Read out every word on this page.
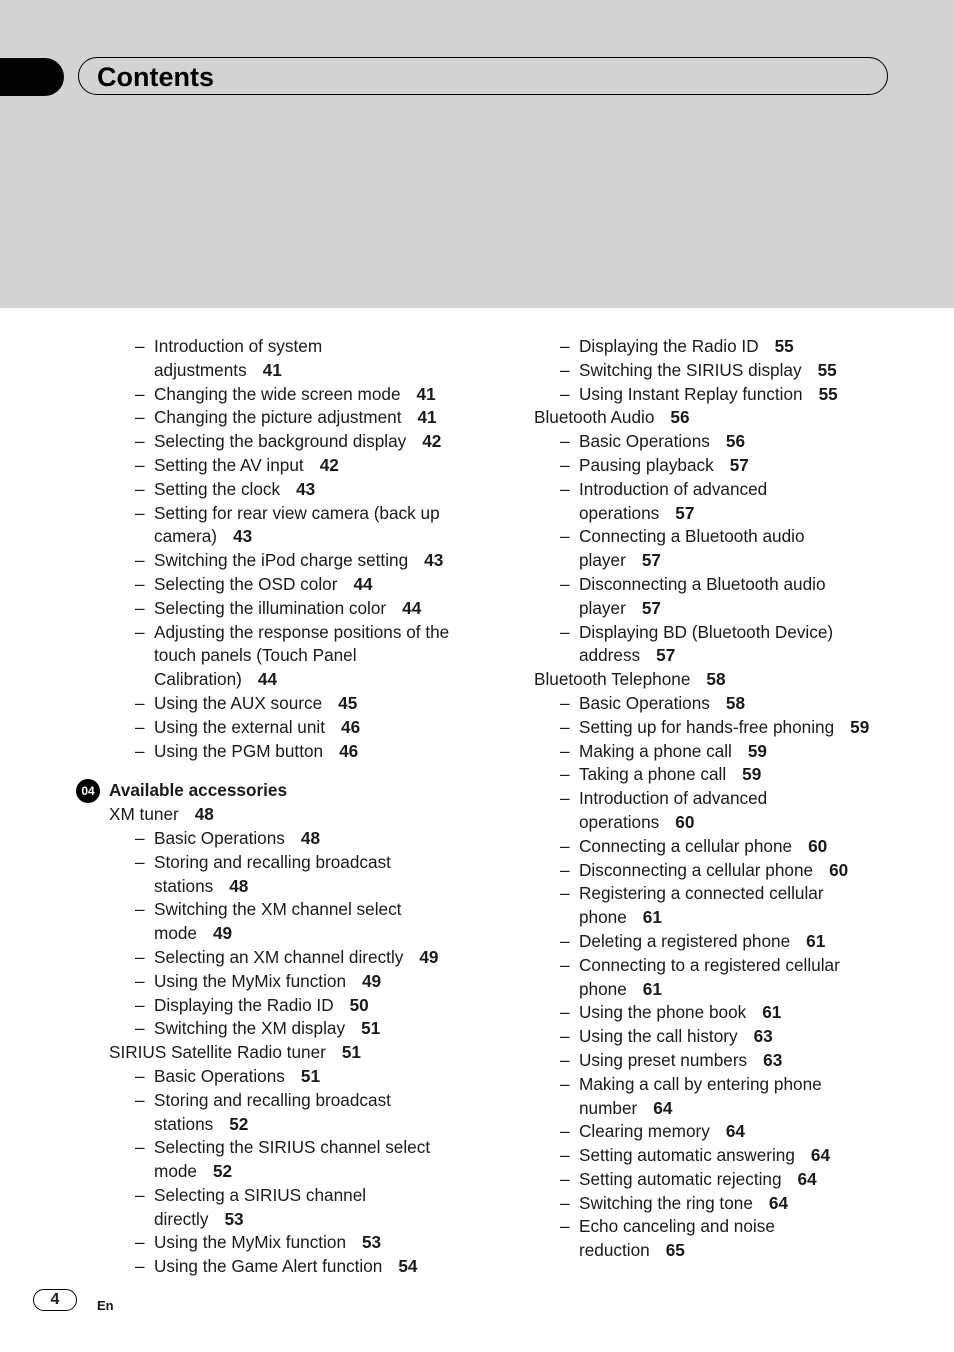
Contents
– Introduction of system
adjustments 41
– Changing the wide screen mode 41
– Changing the picture adjustment 41
– Selecting the background display 42
– Setting the AV input 42
– Setting the clock 43
– Setting for rear view camera (back up
camera) 43
– Switching the iPod charge setting 43
– Selecting the OSD color 44
– Selecting the illumination color 44
– Adjusting the response positions of the
touch panels (Touch Panel
Calibration) 44
– Using the AUX source 45
– Using the external unit 46
– Using the PGM button 46
04 Available accessories
XM tuner 48
– Basic Operations 48
– Storing and recalling broadcast
stations 48
– Switching the XM channel select
mode 49
– Selecting an XM channel directly 49
– Using the MyMix function 49
– Displaying the Radio ID 50
– Switching the XM display 51
SIRIUS Satellite Radio tuner 51
– Basic Operations 51
– Storing and recalling broadcast
stations 52
– Selecting the SIRIUS channel select
mode 52
– Selecting a SIRIUS channel
directly 53
– Using the MyMix function 53
– Using the Game Alert function 54
– Displaying the Radio ID 55
– Switching the SIRIUS display 55
– Using Instant Replay function 55
Bluetooth Audio 56
– Basic Operations 56
– Pausing playback 57
– Introduction of advanced
operations 57
– Connecting a Bluetooth audio
player 57
– Disconnecting a Bluetooth audio
player 57
– Displaying BD (Bluetooth Device)
address 57
Bluetooth Telephone 58
– Basic Operations 58
– Setting up for hands-free phoning 59
– Making a phone call 59
– Taking a phone call 59
– Introduction of advanced
operations 60
– Connecting a cellular phone 60
– Disconnecting a cellular phone 60
– Registering a connected cellular
phone 61
– Deleting a registered phone 61
– Connecting to a registered cellular
phone 61
– Using the phone book 61
– Using the call history 63
– Using preset numbers 63
– Making a call by entering phone
number 64
– Clearing memory 64
– Setting automatic answering 64
– Setting automatic rejecting 64
– Switching the ring tone 64
– Echo canceling and noise
reduction 65
4	En
